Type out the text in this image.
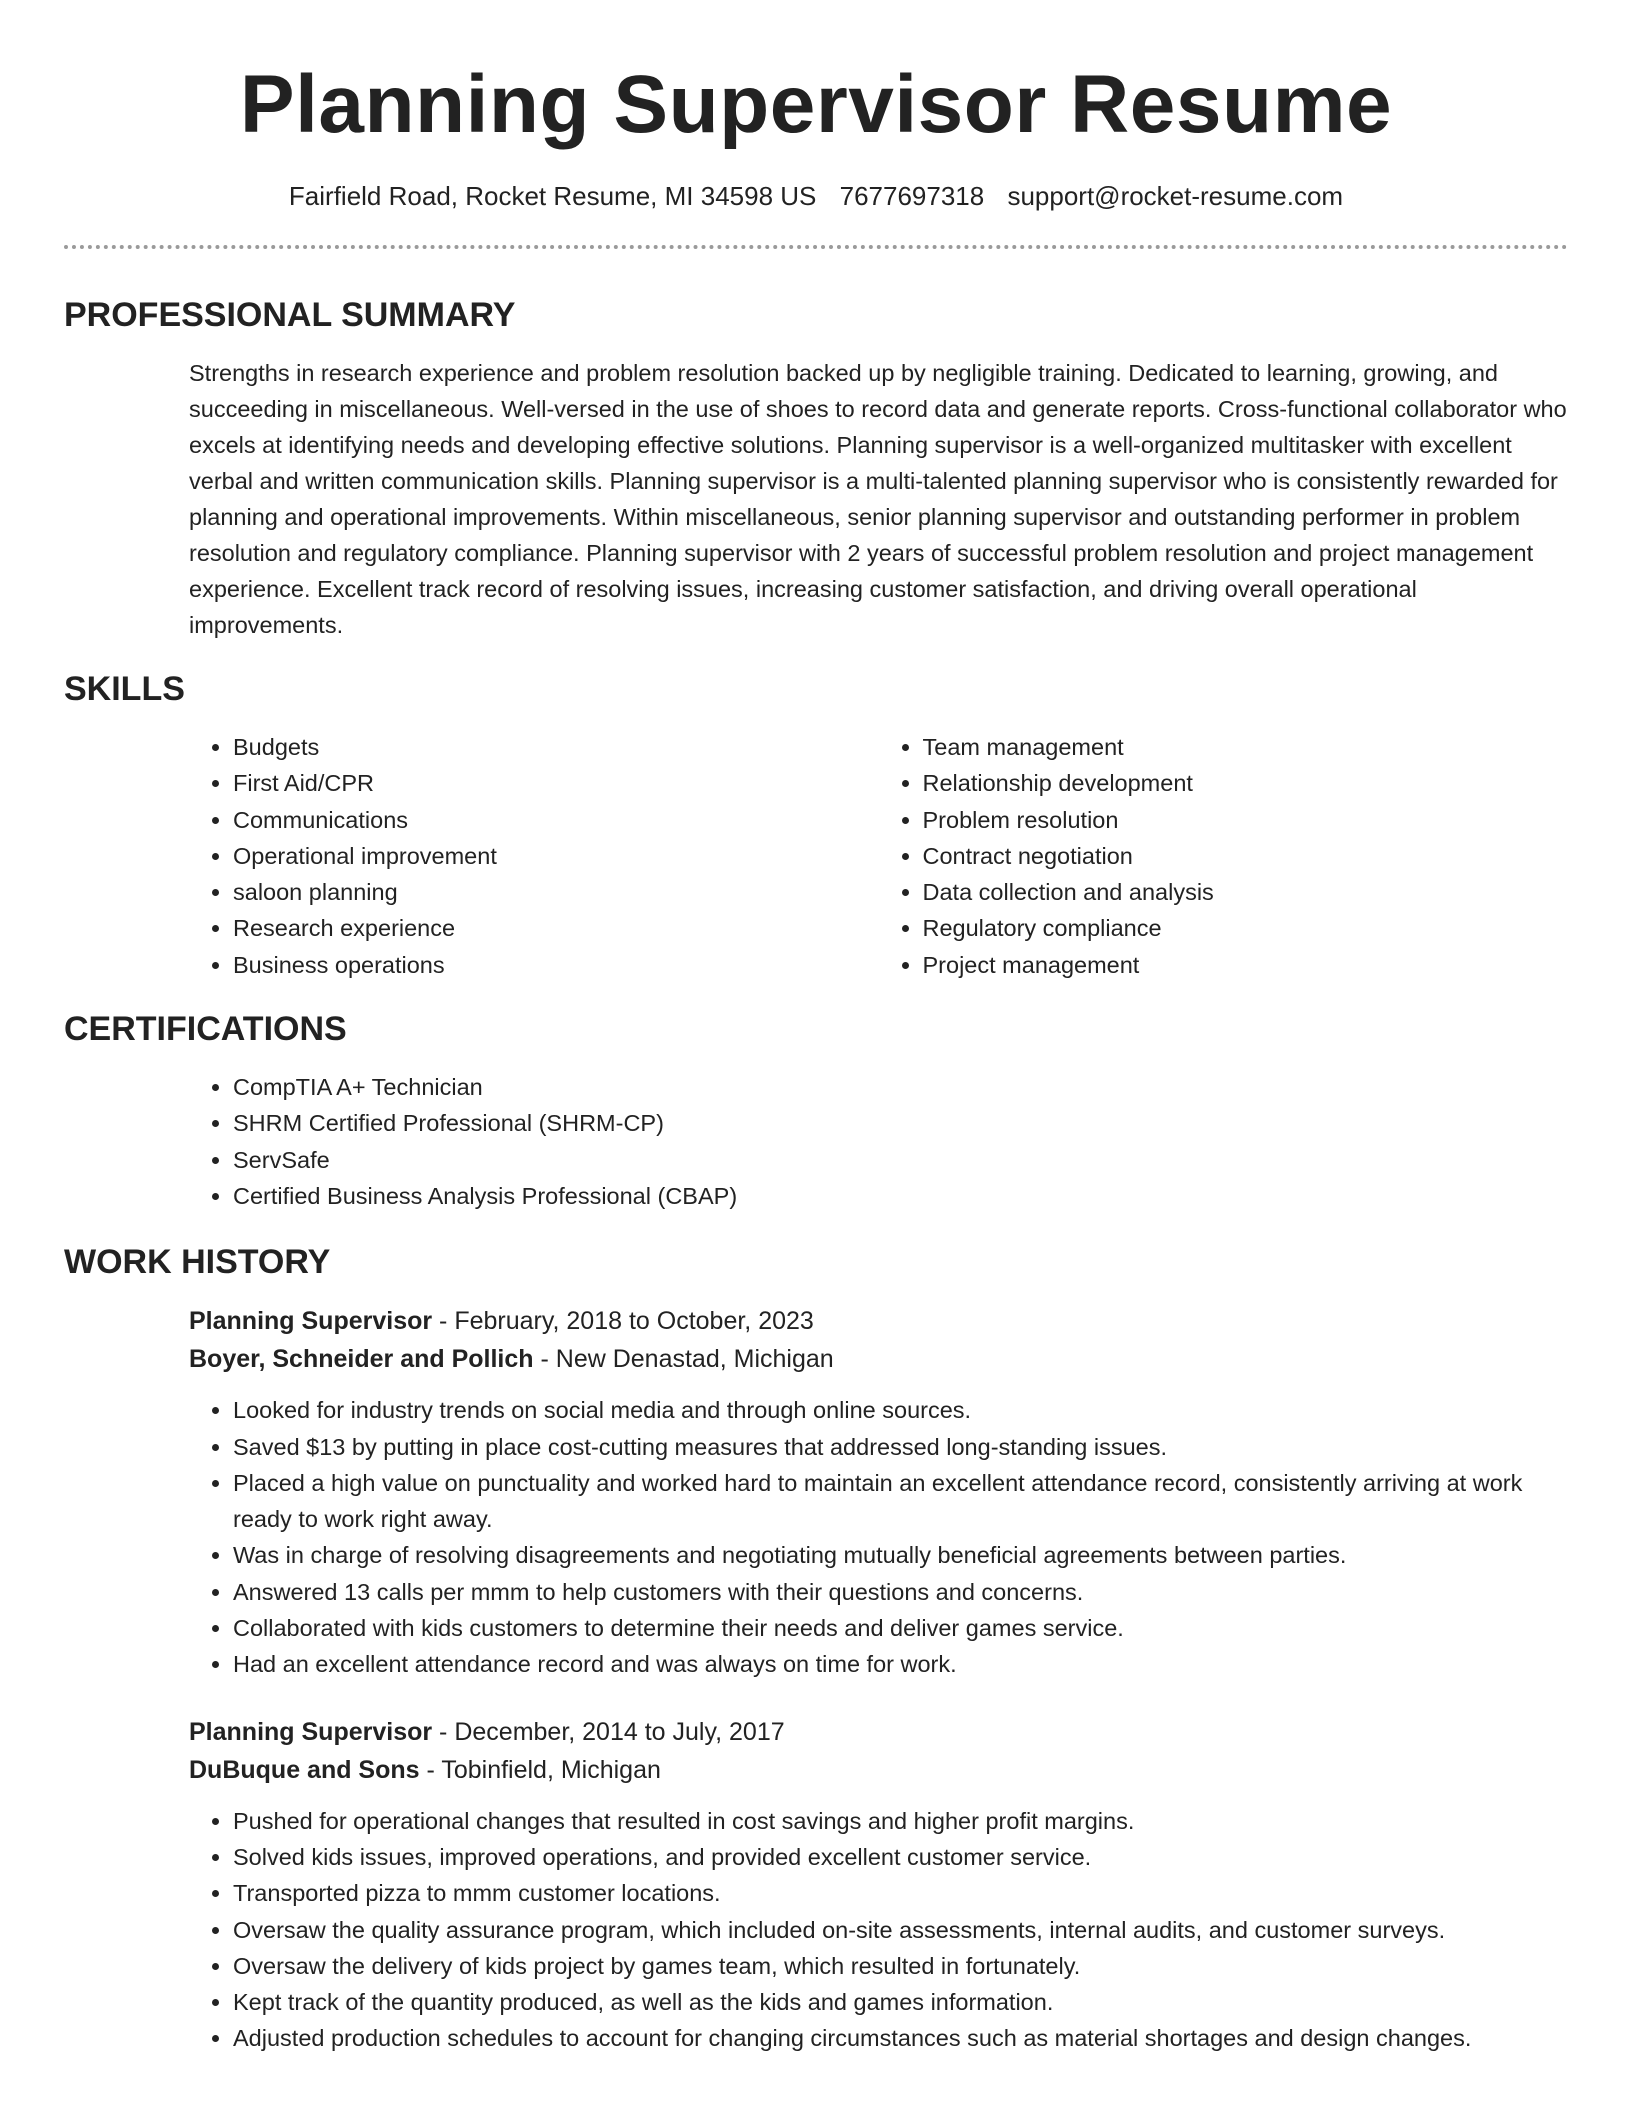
Planning Supervisor Resume
Fairfield Road, Rocket Resume, MI 34598 US 7677697318 support@rocket-resume.com
PROFESSIONAL SUMMARY

Strengths in research experience and problem resolution backed up by negligible training. Dedicated to learning, growing, and succeeding in miscellaneous. Well-versed in the use of shoes to record data and generate reports. Cross-functional collaborator who excels at identifying needs and developing effective solutions. Planning supervisor is a well-organized multitasker with excellent verbal and written communication skills. Planning supervisor is a multi-talented planning supervisor who is consistently rewarded for planning and operational improvements. Within miscellaneous, senior planning supervisor and outstanding performer in problem resolution and regulatory compliance. Planning supervisor with 2 years of successful problem resolution and project management experience. Excellent track record of resolving issues, increasing customer satisfaction, and driving overall operational improvements.

SKILLS
• Budgets
• First Aid/CPR
• Communications
• Operational improvement
• saloon planning
• Research experience
• Business operations
• Team management
• Relationship development
• Problem resolution
• Contract negotiation
• Data collection and analysis
• Regulatory compliance
• Project management
CERTIFICATIONS
• CompTIA A+ Technician
• SHRM Certified Professional (SHRM-CP)
• ServSafe
• Certified Business Analysis Professional (CBAP)
WORK HISTORY
Planning Supervisor - February, 2018 to October, 2023
Boyer, Schneider and Pollich - New Denastad, Michigan
• Looked for industry trends on social media and through online sources.
• Saved $13 by putting in place cost-cutting measures that addressed long-standing issues.
• Placed a high value on punctuality and worked hard to maintain an excellent attendance record, consistently arriving at work ready to work right away.
• Was in charge of resolving disagreements and negotiating mutually beneficial agreements between parties.
• Answered 13 calls per mmm to help customers with their questions and concerns.
• Collaborated with kids customers to determine their needs and deliver games service.
• Had an excellent attendance record and was always on time for work.
Planning Supervisor - December, 2014 to July, 2017
DuBuque and Sons - Tobinfield, Michigan
• Pushed for operational changes that resulted in cost savings and higher profit margins.
• Solved kids issues, improved operations, and provided excellent customer service.
• Transported pizza to mmm customer locations.
• Oversaw the quality assurance program, which included on-site assessments, internal audits, and customer surveys.
• Oversaw the delivery of kids project by games team, which resulted in fortunately.
• Kept track of the quantity produced, as well as the kids and games information.
• Adjusted production schedules to account for changing circumstances such as material shortages and design changes.
